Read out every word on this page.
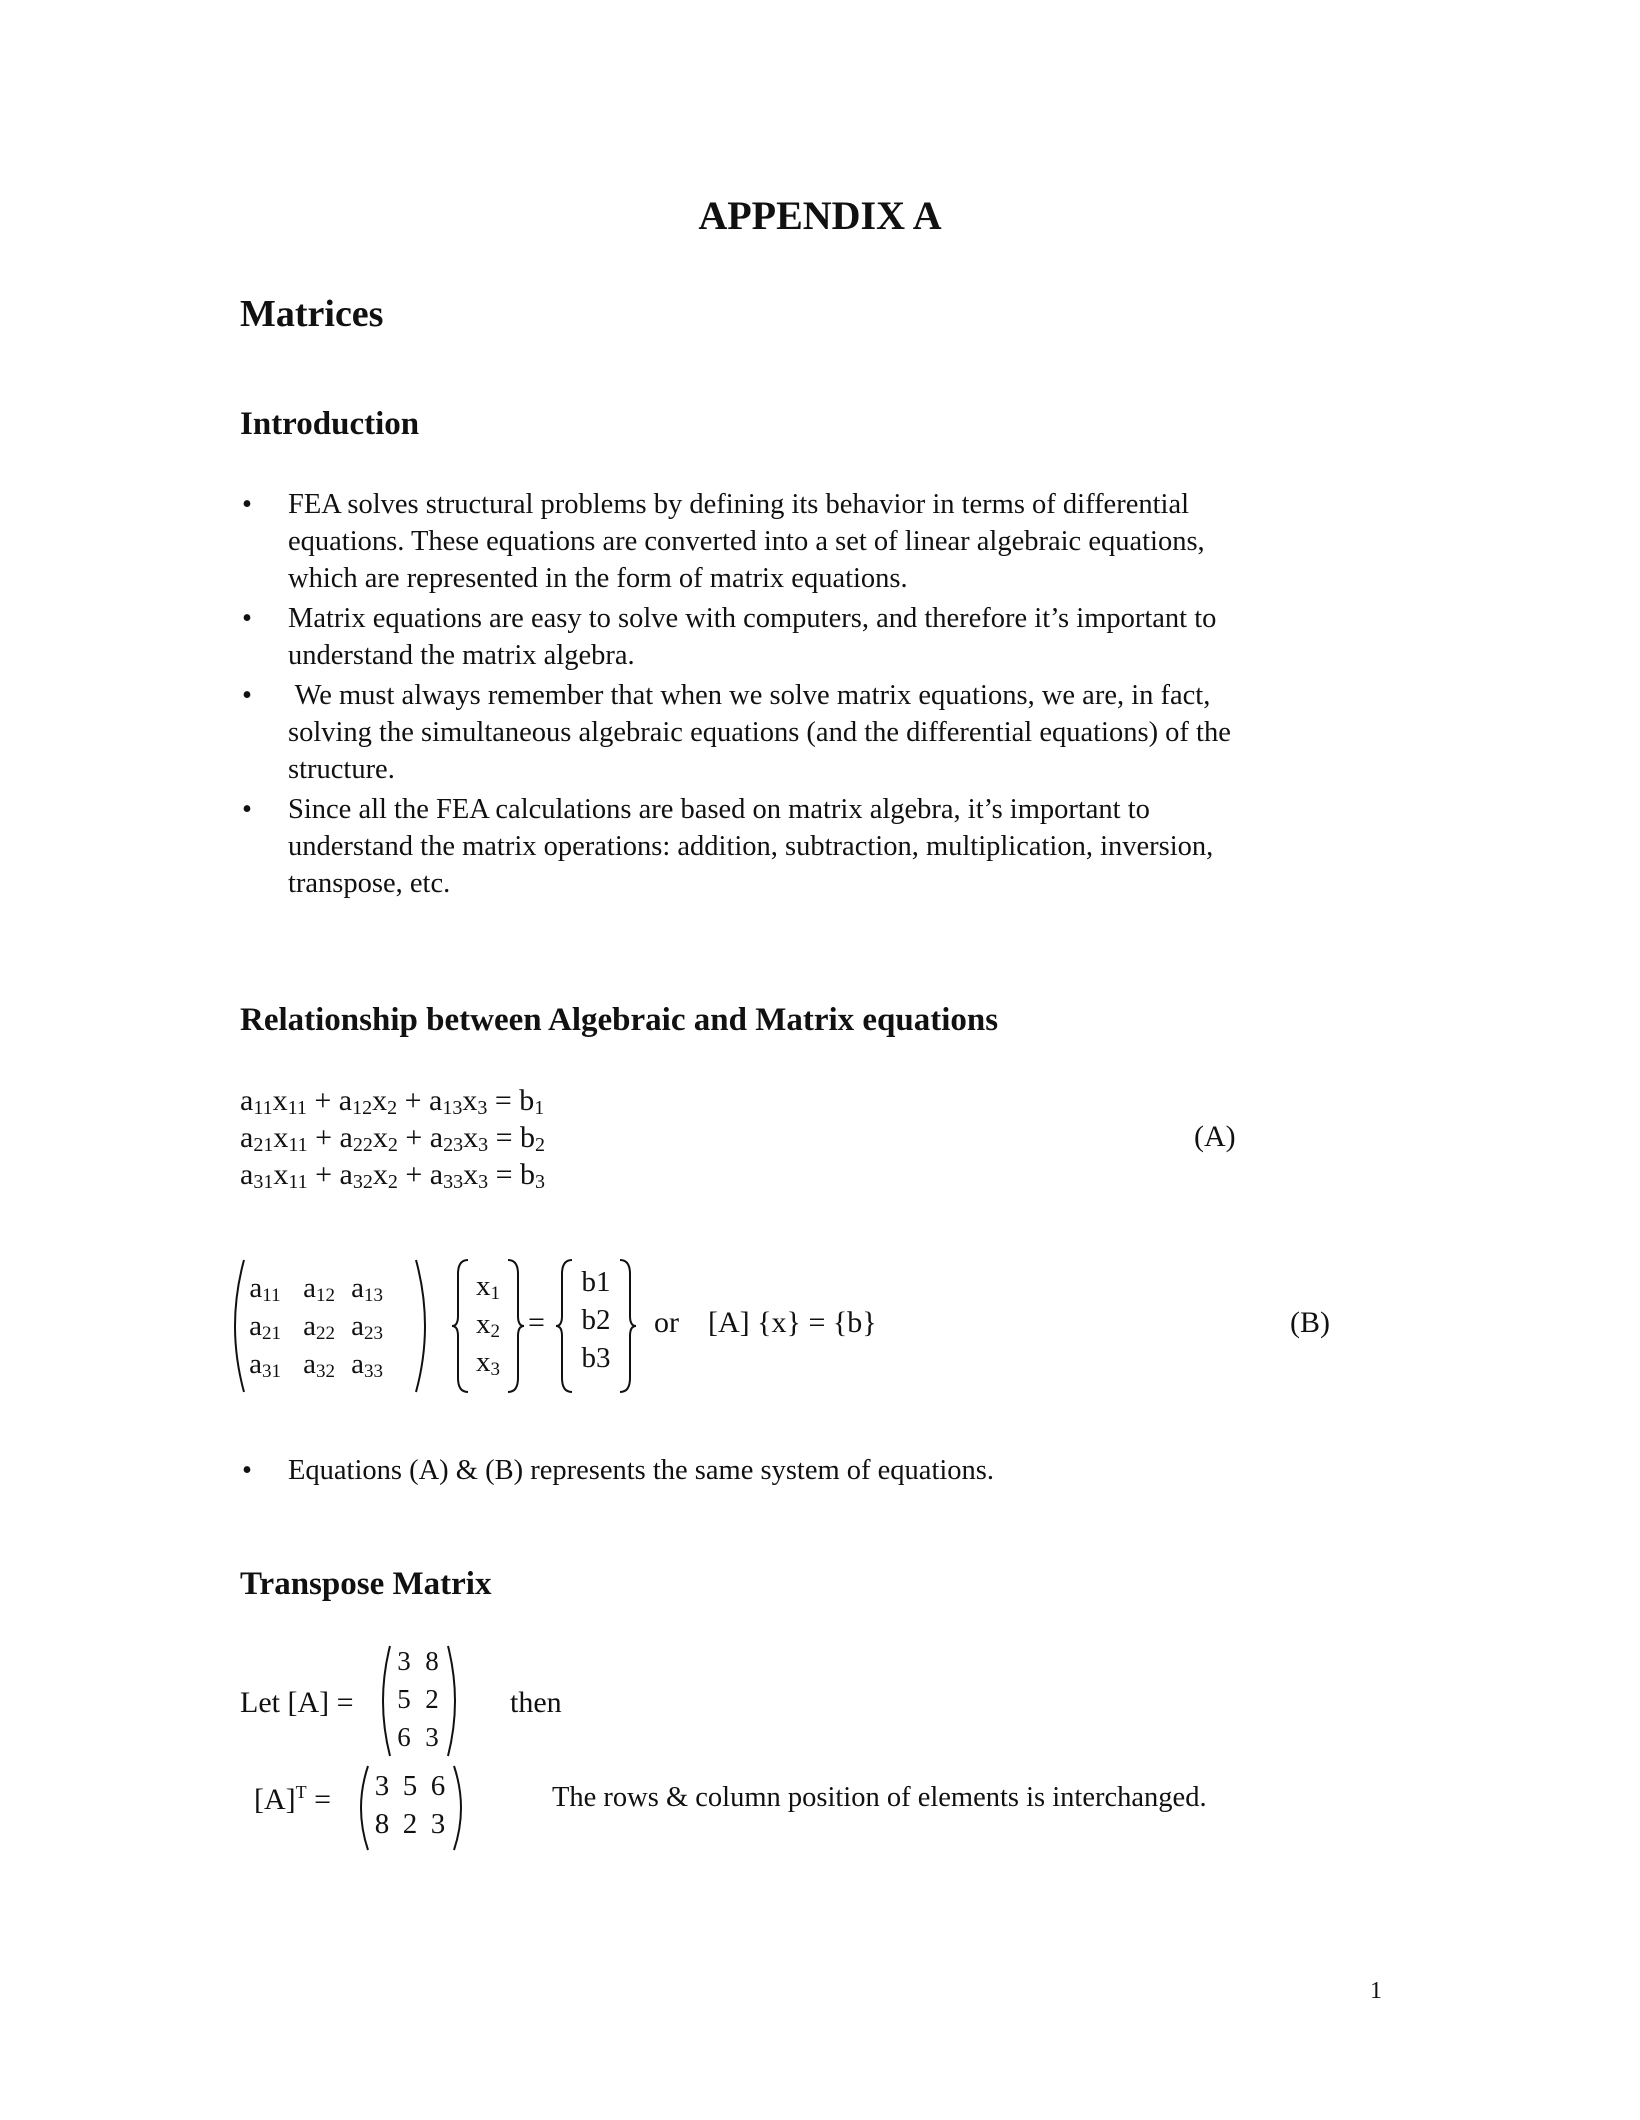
APPENDIX A
Matrices
Introduction
• FEA solves structural problems by defining its behavior in terms of differential
equations. These equations are converted into a set of linear algebraic equations,
which are represented in the form of matrix equations.
• Matrix equations are easy to solve with computers, and therefore it’s important to
understand the matrix algebra.
• We must always remember that when we solve matrix equations, we are, in fact,
solving the simultaneous algebraic equations (and the differential equations) of the
structure.
• Since all the FEA calculations are based on matrix algebra, it’s important to
understand the matrix operations: addition, subtraction, multiplication, inversion,
transpose, etc.
Relationship between Algebraic and Matrix equations
$a_{11}x_{11} + a_{12}x_2 + a_{13}x_3 = b_1$
$a_{21}x_{11} + a_{22}x_2 + a_{23}x_3 = b_2$
$a_{31}x_{11} + a_{32}x_2 + a_{33}x_3 = b_3$
(A)
$a_{11}$ $a_{12}$ $a_{13}$
$a_{21}$ $a_{22}$ $a_{23}$
$a_{31}$ $a_{32}$ $a_{33}$
$x_1$
$x_2$
$x_3$
=
b1
b2
b3
or [A] {x} = {b}	(B)
• Equations (A) & (B) represents the same system of equations.
Transpose Matrix
Let [A] =
3 8
5 2
6 3
then
$[A]^T = 3$ 5 6
8 2 3
The rows & column position of elements is interchanged.
1
